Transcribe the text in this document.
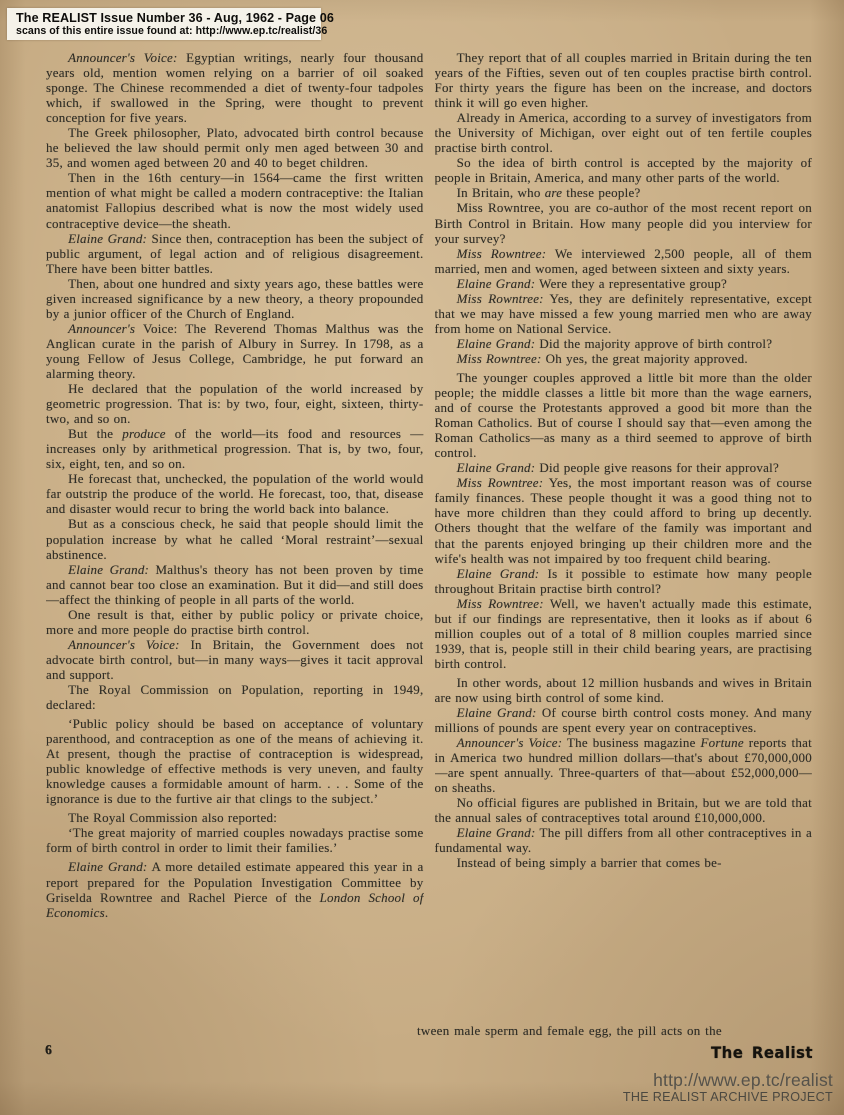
The REALIST Issue Number 36 - Aug, 1962 - Page 06
scans of this entire issue found at: http://www.ep.tc/realist/36

Announcer's Voice: Egyptian writings, nearly four thousand years old, mention women relying on a barrier of oil soaked sponge. The Chinese recommended a diet of twenty-four tadpoles which, if swallowed in the Spring, were thought to prevent conception for five years.

The Greek philosopher, Plato, advocated birth control because he believed the law should permit only men aged between 30 and 35, and women aged between 20 and 40 to beget children.

Then in the 16th century—in 1564—came the first written mention of what might be called a modern contraceptive: the Italian anatomist Fallopius described what is now the most widely used contraceptive device—the sheath.

Elaine Grand: Since then, contraception has been the subject of public argument, of legal action and of religious disagreement. There have been bitter battles.

Then, about one hundred and sixty years ago, these battles were given increased significance by a new theory, a theory propounded by a junior officer of the Church of England.

Announcer's Voice: The Reverend Thomas Malthus was the Anglican curate in the parish of Albury in Surrey. In 1798, as a young Fellow of Jesus College, Cambridge, he put forward an alarming theory.

He declared that the population of the world increased by geometric progression. That is: by two, four, eight, sixteen, thirty-two, and so on.

But the produce of the world—its food and resources —increases only by arithmetical progression. That is, by two, four, six, eight, ten, and so on.

He forecast that, unchecked, the population of the world would far outstrip the produce of the world. He forecast, too, that, disease and disaster would recur to bring the world back into balance.

But as a conscious check, he said that people should limit the population increase by what he called ‘Moral restraint’—sexual abstinence.

Elaine Grand: Malthus's theory has not been proven by time and cannot bear too close an examination. But it did—and still does—affect the thinking of people in all parts of the world.

One result is that, either by public policy or private choice, more and more people do practise birth control.

Announcer's Voice: In Britain, the Government does not advocate birth control, but—in many ways—gives it tacit approval and support.

The Royal Commission on Population, reporting in 1949, declared:

‘Public policy should be based on acceptance of voluntary parenthood, and contraception as one of the means of achieving it. At present, though the practise of contraception is widespread, public knowledge of effective methods is very uneven, and faulty knowledge causes a formidable amount of harm. . . . Some of the ignorance is due to the furtive air that clings to the subject.’

The Royal Commission also reported:

‘The great majority of married couples nowadays practise some form of birth control in order to limit their families.’

Elaine Grand: A more detailed estimate appeared this year in a report prepared for the Population Investigation Committee by Griselda Rowntree and Rachel Pierce of the London School of Economics.

They report that of all couples married in Britain during the ten years of the Fifties, seven out of ten couples practise birth control. For thirty years the figure has been on the increase, and doctors think it will go even higher.

Already in America, according to a survey of investigators from the University of Michigan, over eight out of ten fertile couples practise birth control.

So the idea of birth control is accepted by the majority of people in Britain, America, and many other parts of the world.

In Britain, who are these people?

Miss Rowntree, you are co-author of the most recent report on Birth Control in Britain. How many people did you interview for your survey?

Miss Rowntree: We interviewed 2,500 people, all of them married, men and women, aged between sixteen and sixty years.

Elaine Grand: Were they a representative group?

Miss Rowntree: Yes, they are definitely representative, except that we may have missed a few young married men who are away from home on National Service.

Elaine Grand: Did the majority approve of birth control?

Miss Rowntree: Oh yes, the great majority approved.

The younger couples approved a little bit more than the older people; the middle classes a little bit more than the wage earners, and of course the Protestants approved a good bit more than the Roman Catholics. But of course I should say that—even among the Roman Catholics—as many as a third seemed to approve of birth control.

Elaine Grand: Did people give reasons for their approval?

Miss Rowntree: Yes, the most important reason was of course family finances. These people thought it was a good thing not to have more children than they could afford to bring up decently. Others thought that the welfare of the family was important and that the parents enjoyed bringing up their children more and the wife's health was not impaired by too frequent child bearing.

Elaine Grand: Is it possible to estimate how many people throughout Britain practise birth control?

Miss Rowntree: Well, we haven't actually made this estimate, but if our findings are representative, then it looks as if about 6 million couples out of a total of 8 million couples married since 1939, that is, people still in their child bearing years, are practising birth control.

In other words, about 12 million husbands and wives in Britain are now using birth control of some kind.

Elaine Grand: Of course birth control costs money. And many millions of pounds are spent every year on contraceptives.

Announcer's Voice: The business magazine Fortune reports that in America two hundred million dollars—that's about £70,000,000—are spent annually. Three-quarters of that—about £52,000,000—on sheaths.

No official figures are published in Britain, but we are told that the annual sales of contraceptives total around £10,000,000.

Elaine Grand: The pill differs from all other contraceptives in a fundamental way.

Instead of being simply a barrier that comes be-

tween male sperm and female egg, the pill acts on the
6	The Realist
http://www.ep.tc/realist
THE REALIST ARCHIVE PROJECT
